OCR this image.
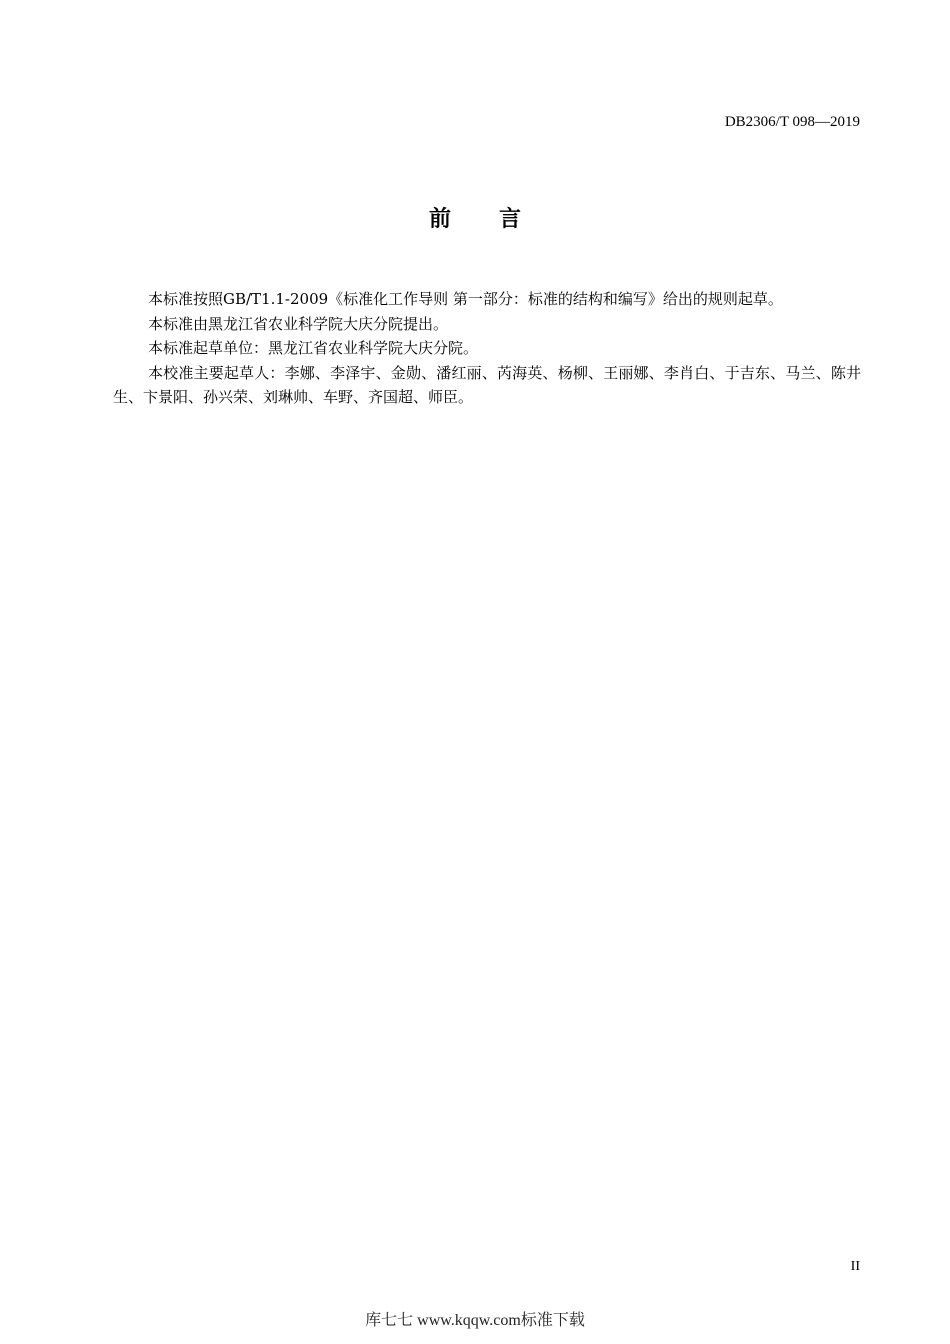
DB2306/T 098—2019
前言

本标准按照GB/T1.1-2009《标准化工作导则 第一部分：标准的结构和编写》给出的规则起草。

本标准由黑龙江省农业科学院大庆分院提出。

本标准起草单位：黑龙江省农业科学院大庆分院。

本校准主要起草人：李娜、李泽宇、金勋、潘红丽、芮海英、杨柳、王丽娜、李肖白、于吉东、马兰、陈井生、卞景阳、孙兴荣、刘琳帅、车野、齐国超、师臣。

II
库七七 www.kqqw.com标准下载
